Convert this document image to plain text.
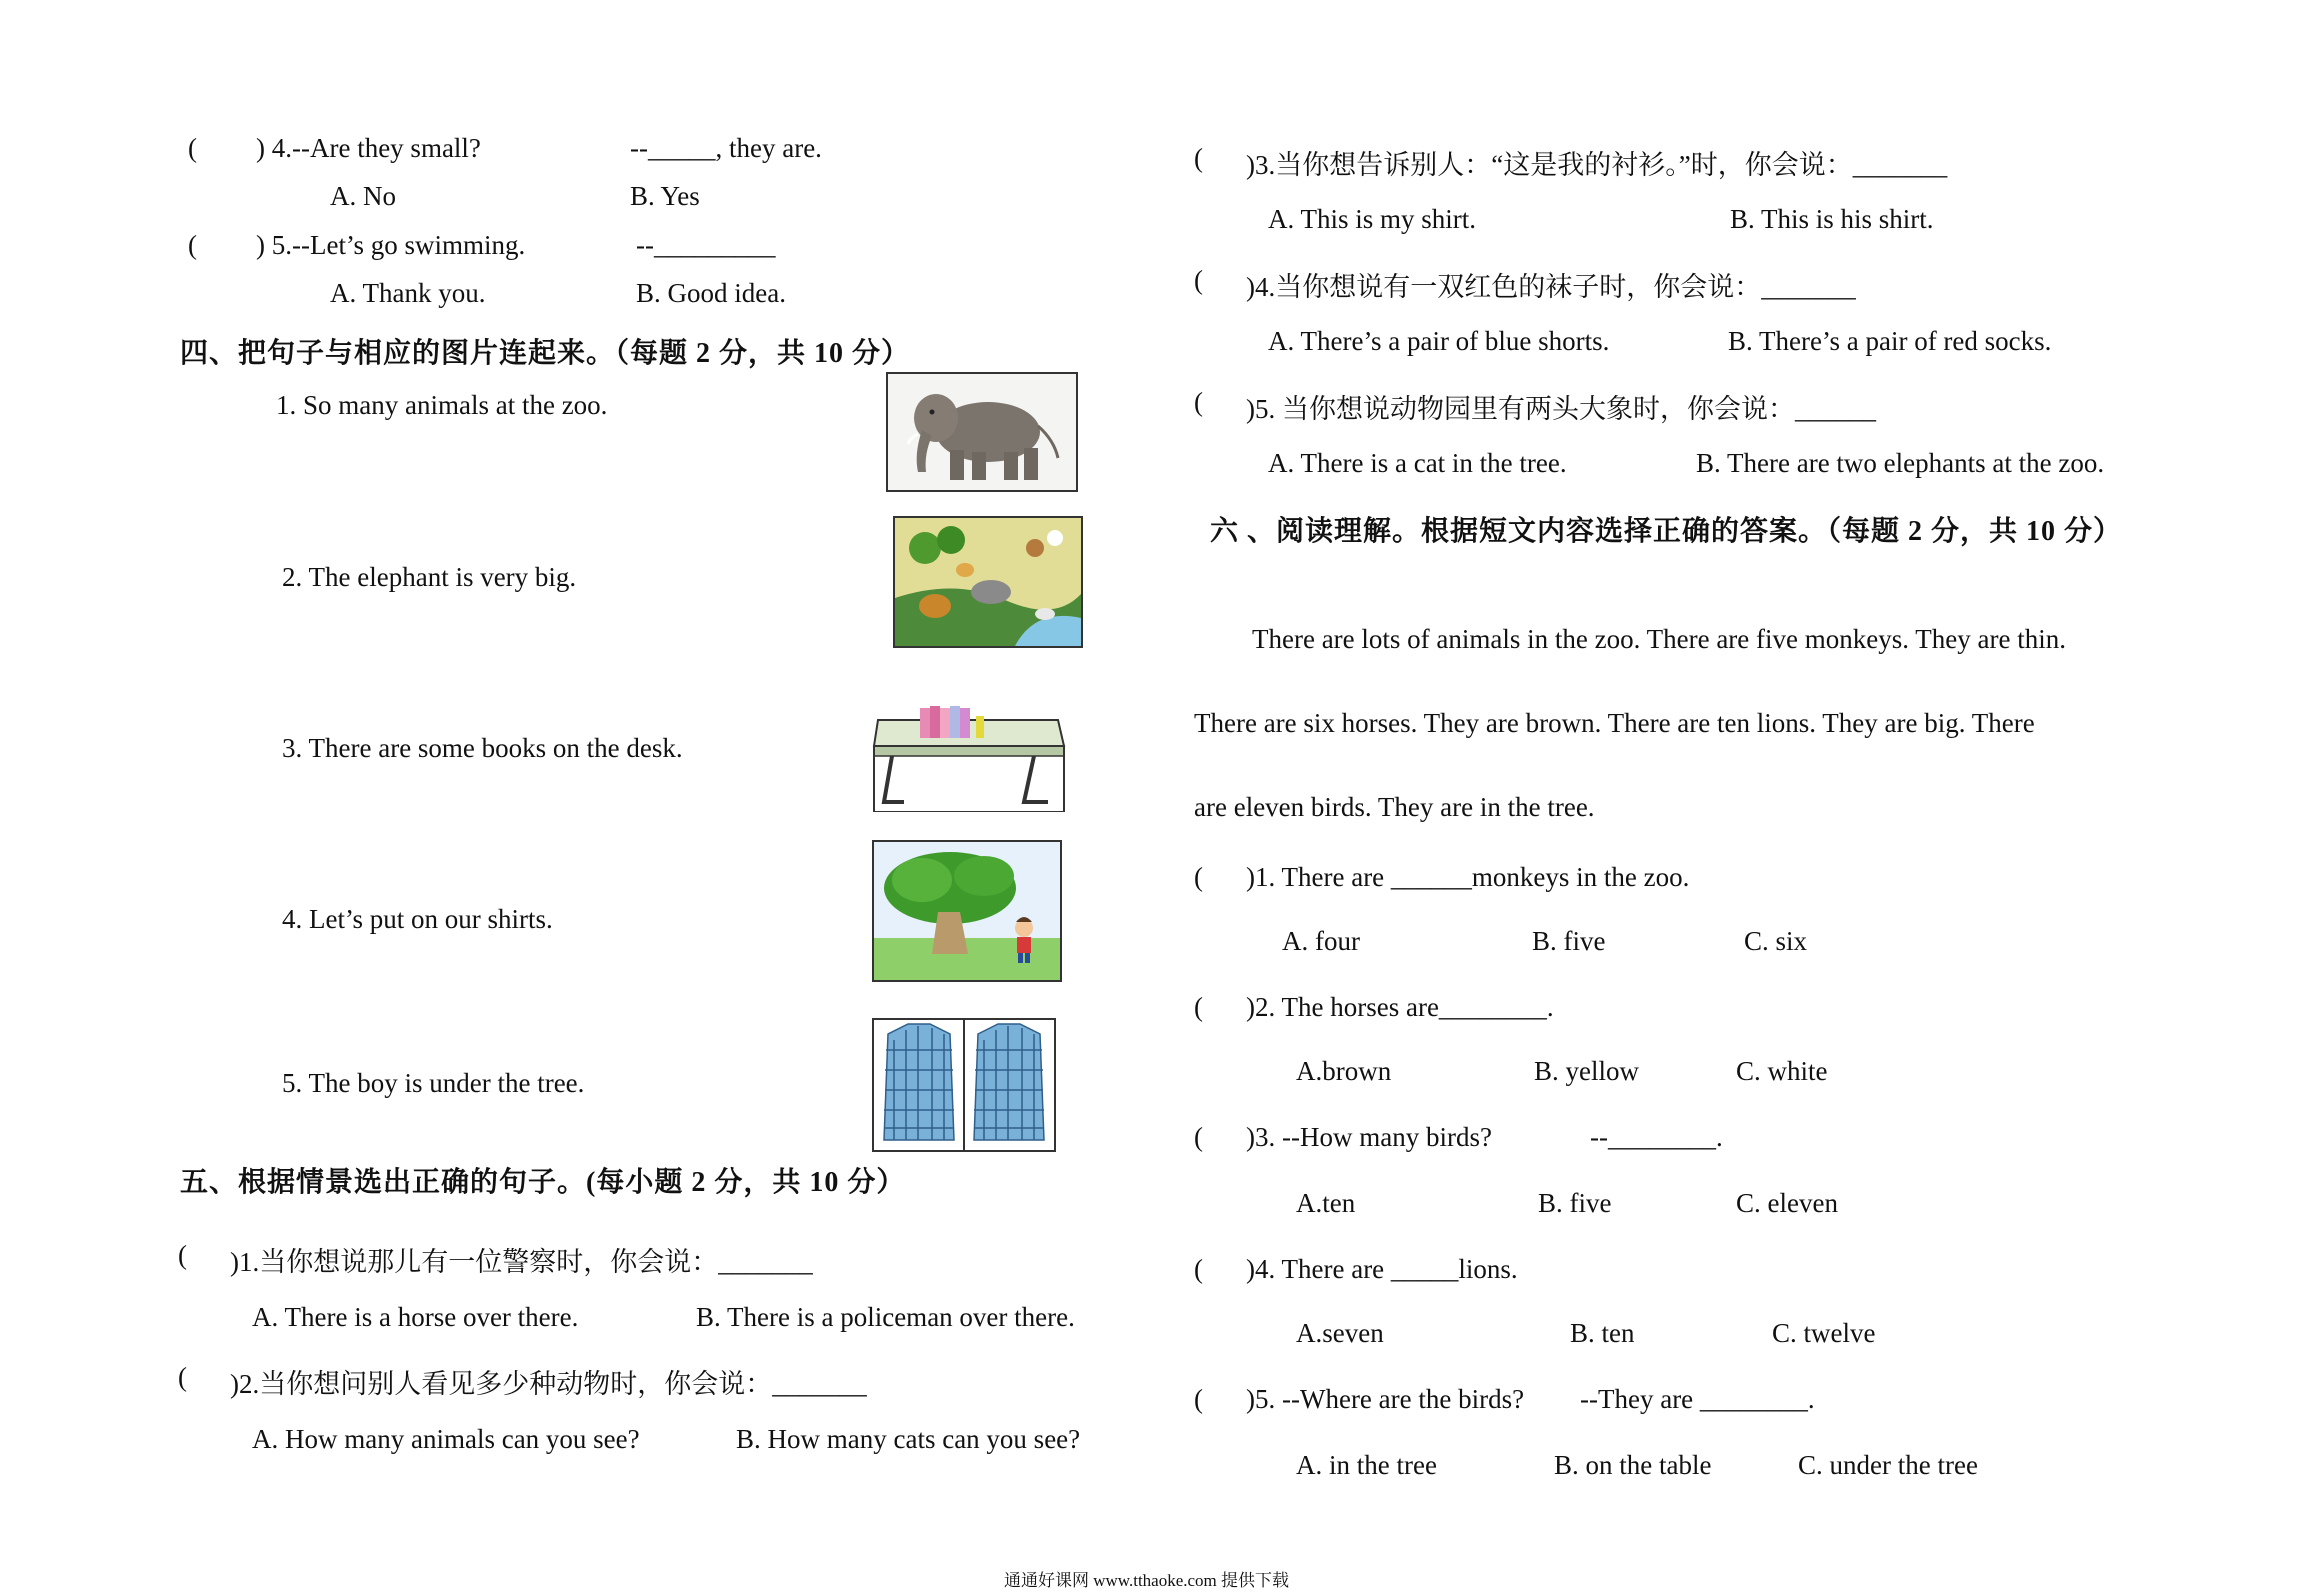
( ) 4.--Are they small?	--_____, they are.
A. No	B. Yes
( ) 5.--Let’s go swimming.	--_________
A. Thank you.	B. Good idea.
四、把句子与相应的图片连起来。（每题 2 分，共 10 分）
1. So many animals at the zoo.
2. The elephant is very big.
3. There are some books on the desk.
4. Let’s put on our shirts.
5. The boy is under the tree.
五、根据情景选出正确的句子。(每小题 2 分，共 10 分）
( )1.当你想说那儿有一位警察时，你会说：_______
A. There is a horse over there.	B. There is a policeman over there.
( )2.当你想问别人看见多少种动物时，你会说：_______
A. How many animals can you see?	B. How many cats can you see?
( )3.当你想告诉别人：“这是我的衬衫。”时，你会说：_______
A. This is my shirt.	B. This is his shirt.
( )4.当你想说有一双红色的袜子时，你会说：_______
A. There’s a pair of blue shorts.	B. There’s a pair of red socks.
( )5. 当你想说动物园里有两头大象时，你会说：______
A. There is a cat in the tree.	B. There are two elephants at the zoo.
六 、阅读理解。根据短文内容选择正确的答案。（每题 2 分，共 10 分）
There are lots of animals in the zoo. There are five monkeys. They are thin.
There are six horses. They are brown. There are ten lions. They are big. There
are eleven birds. They are in the tree.
( )1. There are ______monkeys in the zoo.
A. four	B. five	C. six
( )2. The horses are________.
A.brown	B. yellow	C. white
( )3. --How many birds?	--________.
A.ten	B. five	C. eleven
( )4. There are _____lions.
A.seven	B. ten	C. twelve
( )5. --Where are the birds? --They are ________.
A. in the tree	B. on the table	C. under the tree
通通好课网 www.tthaoke.com 提供下载
